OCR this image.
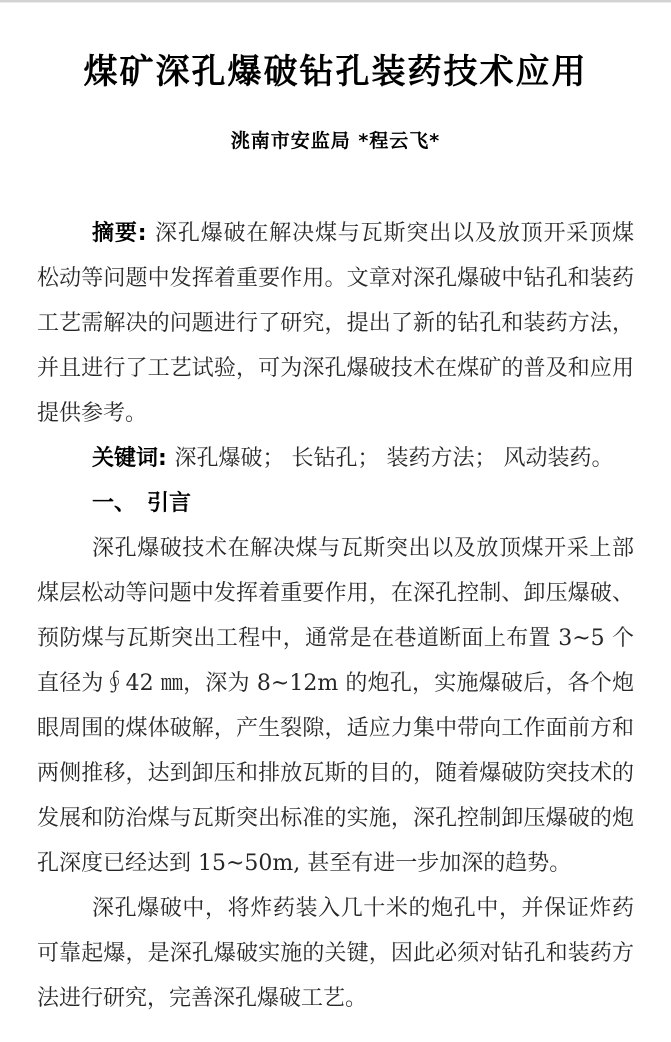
煤矿深孔爆破钻孔装药技术应用
洮南市安监局 *程云飞*

摘要: 深孔爆破在解决煤与瓦斯突出以及放顶开采顶煤松动等问题中发挥着重要作用。文章对深孔爆破中钻孔和装药工艺需解决的问题进行了研究，提出了新的钻孔和装药方法，并且进行了工艺试验，可为深孔爆破技术在煤矿的普及和应用提供参考。

关键词: 深孔爆破； 长钻孔； 装药方法； 风动装药。

一、　引言

深孔爆破技术在解决煤与瓦斯突出以及放顶煤开采上部煤层松动等问题中发挥着重要作用，在深孔控制、卸压爆破、预防煤与瓦斯突出工程中，通常是在巷道断面上布置 3~5 个直径为∮42 ㎜，深为 8~12m 的炮孔，实施爆破后，各个炮眼周围的煤体破解，产生裂隙，适应力集中带向工作面前方和两侧推移，达到卸压和排放瓦斯的目的，随着爆破防突技术的发展和防治煤与瓦斯突出标准的实施，深孔控制卸压爆破的炮孔深度已经达到 15~50m, 甚至有进一步加深的趋势。

深孔爆破中，将炸药装入几十米的炮孔中，并保证炸药可靠起爆，是深孔爆破实施的关键，因此必须对钻孔和装药方法进行研究，完善深孔爆破工艺。
